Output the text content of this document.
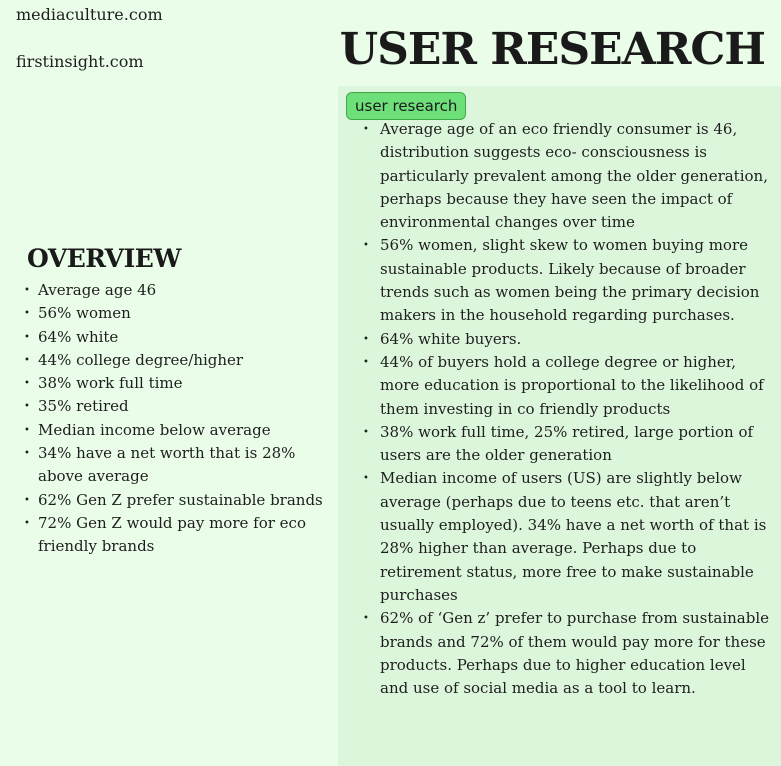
mediaculture.com
firstinsight.com	USER RESEARCH
OVERVIEW
• Average age 46
• 56% women
• 64% white
• 44% college degree/higher
• 38% work full time
• 35% retired
• Median income below average
• 34% have a net worth that is 28% above average
• 62% Gen Z prefer sustainable brands
• 72% Gen Z would pay more for eco friendly brands
user research
• Average age of an eco friendly consumer is 46, distribution suggests eco- consciousness is particularly prevalent among the older generation, perhaps because they have seen the impact of environmental changes over time
• 56% women, slight skew to women buying more sustainable products. Likely because of broader trends such as women being the primary decision makers in the household regarding purchases.
• 64% white buyers.
• 44% of buyers hold a college degree or higher, more education is proportional to the likelihood of them investing in co friendly products
• 38% work full time, 25% retired, large portion of users are the older generation
• Median income of users (US) are slightly below average (perhaps due to teens etc. that aren’t usually employed). 34% have a net worth of that is 28% higher than average. Perhaps due to retirement status, more free to make sustainable purchases
• 62% of ‘Gen z’ prefer to purchase from sustainable brands and 72% of them would pay more for these products. Perhaps due to higher education level and use of social media as a tool to learn.
